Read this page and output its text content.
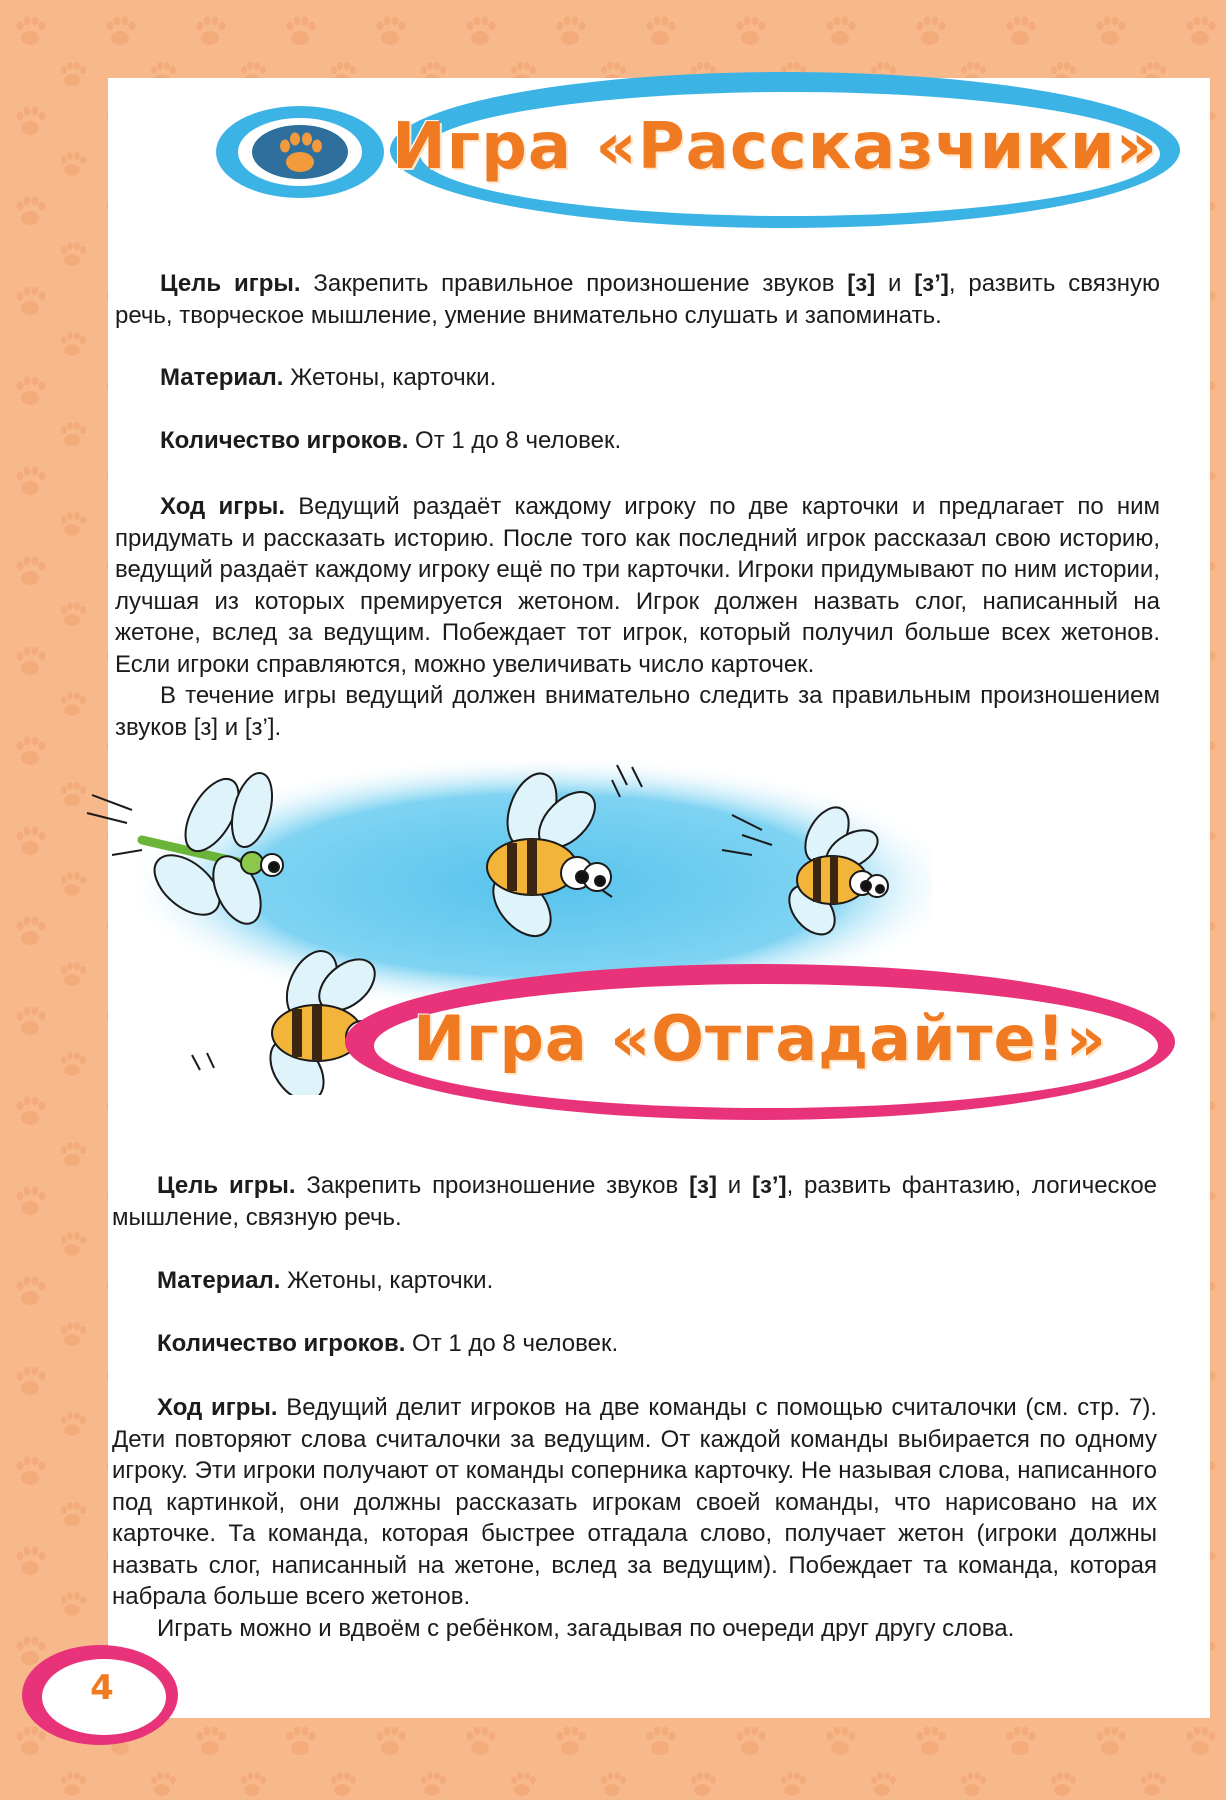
Игра «Рассказчики»

Цель игры. Закрепить правильное произношение звуков [з] и [з’], развить связную речь, творческое мышление, умение внимательно слушать и запоминать.

Материал. Жетоны, карточки.

Количество игроков. От 1 до 8 человек.

Ход игры. Ведущий раздаёт каждому игроку по две карточки и предлагает по ним придумать и рассказать историю. После того как последний игрок рассказал свою историю, ведущий раздаёт каждому игроку ещё по три карточки. Игроки придумывают по ним истории, лучшая из которых премируется жетоном. Игрок должен назвать слог, написанный на жетоне, вслед за ведущим. Побеждает тот игрок, который получил больше всех жетонов. Если игроки справляются, можно увеличивать число карточек.

В течение игры ведущий должен внимательно следить за правильным произношением звуков [з] и [з’].

Игра «Отгадайте!»

Цель игры. Закрепить произношение звуков [з] и [з’], развить фантазию, логическое мышление, связную речь.

Материал. Жетоны, карточки.

Количество игроков. От 1 до 8 человек.

Ход игры. Ведущий делит игроков на две команды с помощью считалочки (см. стр. 7). Дети повторяют слова считалочки за ведущим. От каждой команды выбирается по одному игроку. Эти игроки получают от команды соперника карточку. Не называя слова, написанного под картинкой, они должны рассказать игрокам своей команды, что нарисовано на их карточке. Та команда, которая быстрее отгадала слово, получает жетон (игроки должны назвать слог, написанный на жетоне, вслед за ведущим). Побеждает та команда, которая набрала больше всего жетонов.

Играть можно и вдвоём с ребёнком, загадывая по очереди друг другу слова.

4
